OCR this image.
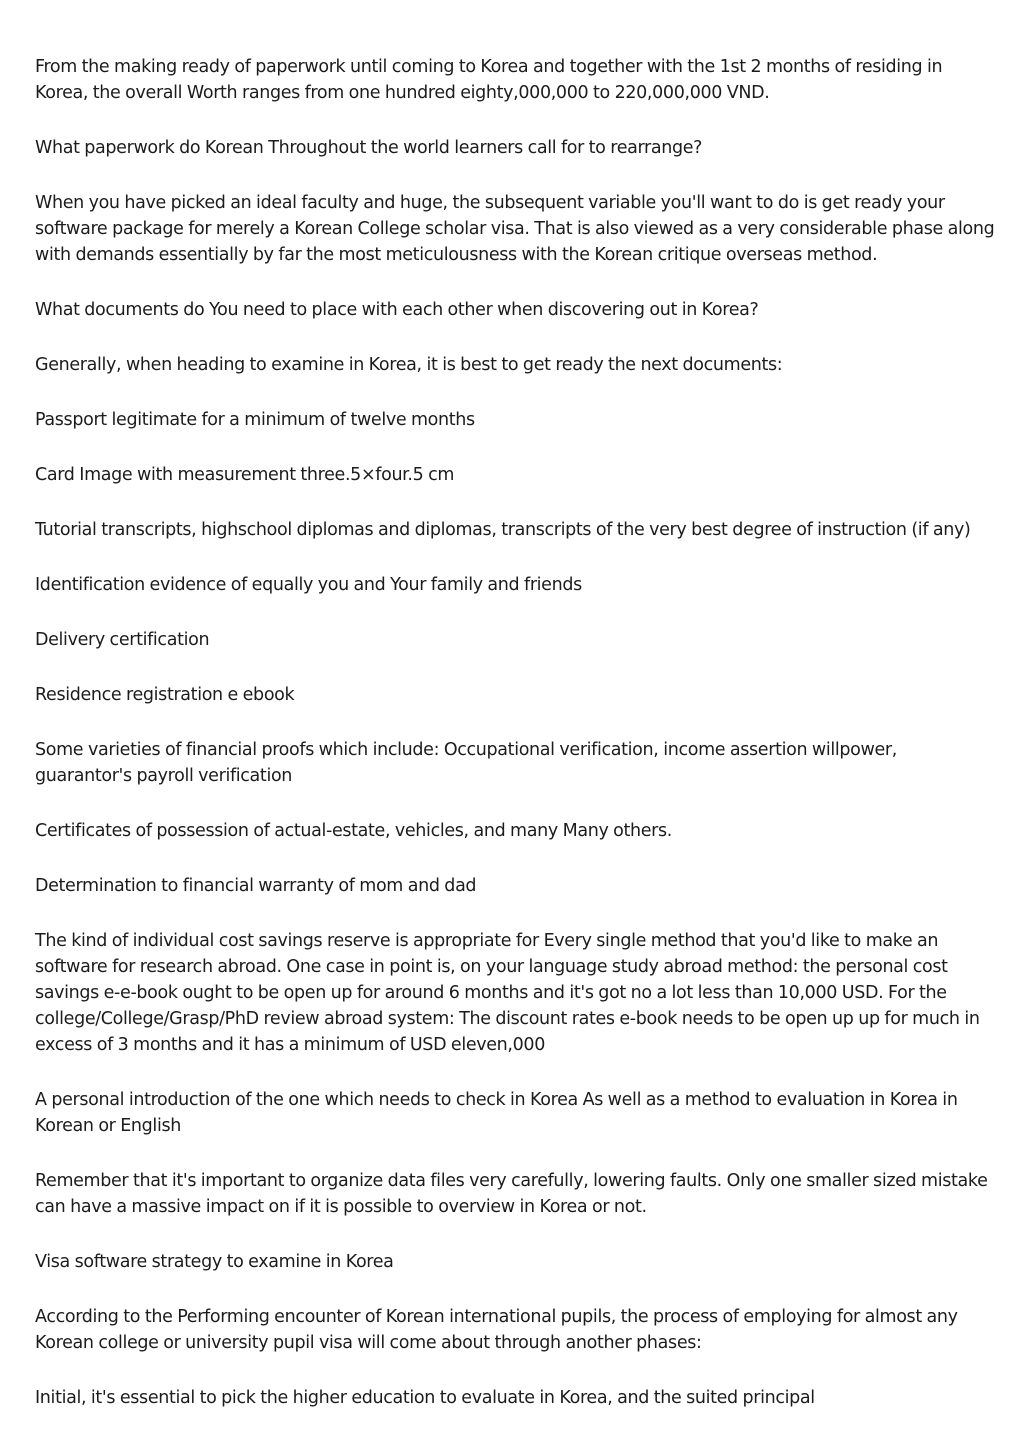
From the making ready of paperwork until coming to Korea and together with the 1st 2 months of residing in Korea, the overall Worth ranges from one hundred eighty,000,000 to 220,000,000 VND.

What paperwork do Korean Throughout the world learners call for to rearrange?

When you have picked an ideal faculty and huge, the subsequent variable you'll want to do is get ready your software package for merely a Korean College scholar visa. That is also viewed as a very considerable phase along with demands essentially by far the most meticulousness with the Korean critique overseas method.

What documents do You need to place with each other when discovering out in Korea?

Generally, when heading to examine in Korea, it is best to get ready the next documents:

Passport legitimate for a minimum of twelve months

Card Image with measurement three.5×four.5 cm

Tutorial transcripts, highschool diplomas and diplomas, transcripts of the very best degree of instruction (if any)

Identification evidence of equally you and Your family and friends

Delivery certification

Residence registration e ebook

Some varieties of financial proofs which include: Occupational verification, income assertion willpower, guarantor's payroll verification

Certificates of possession of actual-estate, vehicles, and many Many others.

Determination to financial warranty of mom and dad

The kind of individual cost savings reserve is appropriate for Every single method that you'd like to make an software for research abroad. One case in point is, on your language study abroad method: the personal cost savings e-e-book ought to be open up for around 6 months and it's got no a lot less than 10,000 USD. For the college/College/Grasp/PhD review abroad system: The discount rates e-book needs to be open up up for much in excess of 3 months and it has a minimum of USD eleven,000

A personal introduction of the one which needs to check in Korea As well as a method to evaluation in Korea in Korean or English

Remember that it's important to organize data files very carefully, lowering faults. Only one smaller sized mistake can have a massive impact on if it is possible to overview in Korea or not.

Visa software strategy to examine in Korea

According to the Performing encounter of Korean international pupils, the process of employing for almost any Korean college or university pupil visa will come about through another phases:

Initial, it's essential to pick the higher education to evaluate in Korea, and the suited principal
